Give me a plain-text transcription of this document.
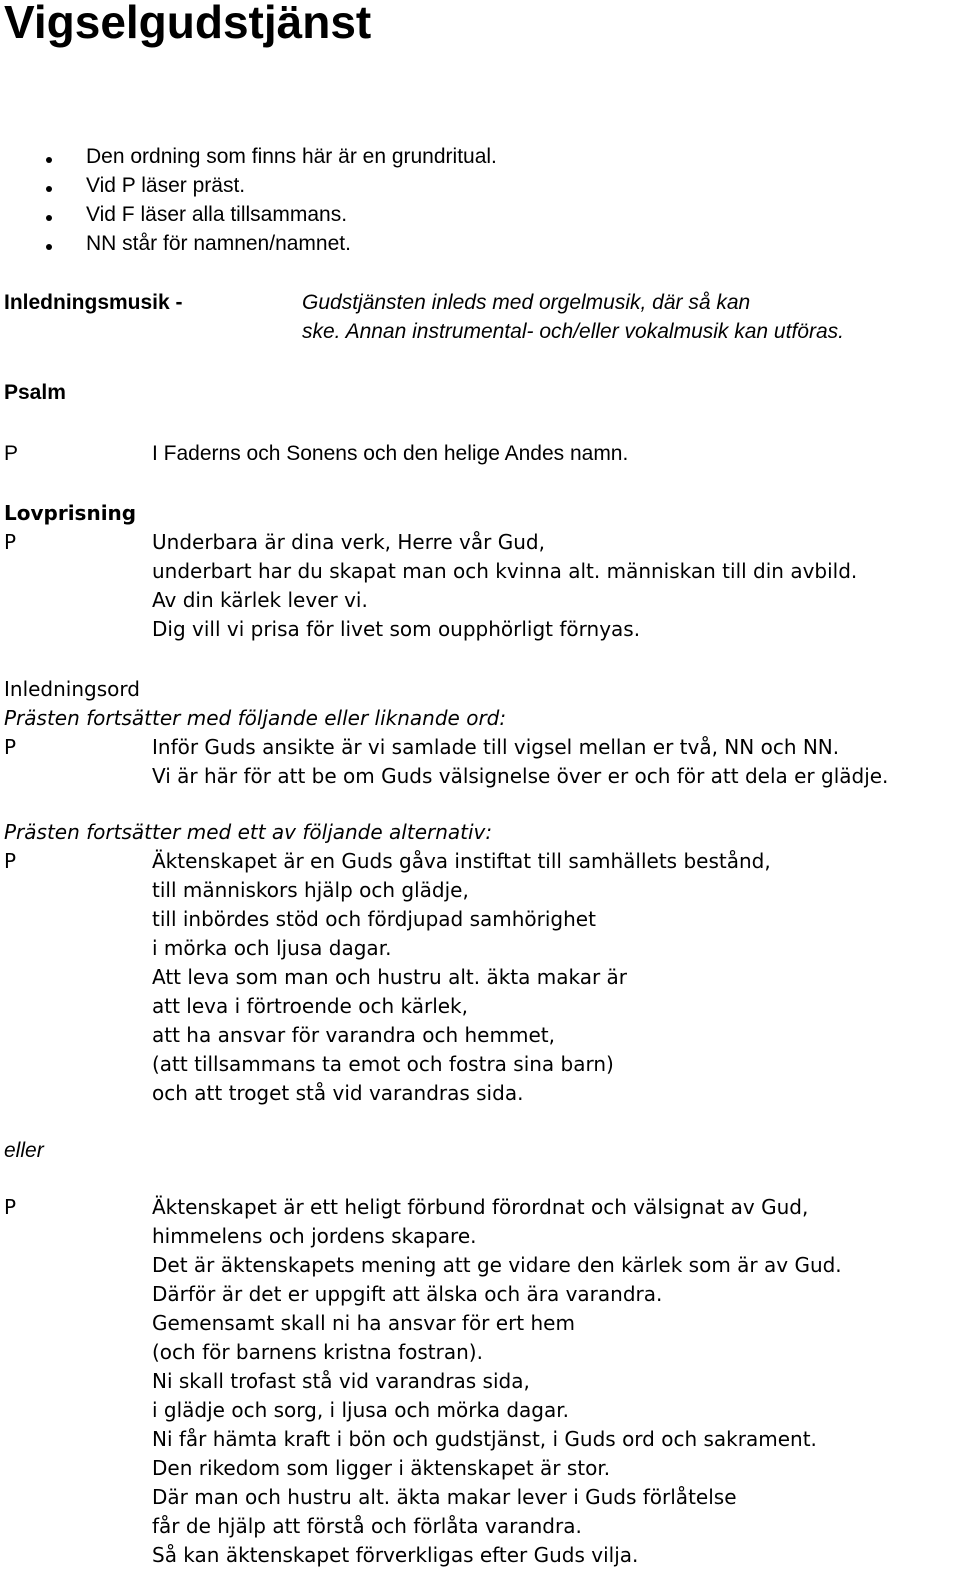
Vigselgudstjänst
Den ordning som finns här är en grundritual.
Vid P läser präst.
Vid F läser alla tillsammans.
NN står för namnen/namnet.
Inledningsmusik -	Gudstjänsten inleds med orgelmusik, där så kan
ske. Annan instrumental- och/eller vokalmusik kan utföras.
Psalm
P	I Faderns och Sonens och den helige Andes namn.
Lovprisning
P	Underbara är dina verk, Herre vår Gud,
underbart har du skapat man och kvinna alt. människan till din avbild.
Av din kärlek lever vi.
Dig vill vi prisa för livet som oupphörligt förnyas.
Inledningsord
Prästen fortsätter med följande eller liknande ord:
P	Inför Guds ansikte är vi samlade till vigsel mellan er två, NN och NN.
Vi är här för att be om Guds välsignelse över er och för att dela er glädje.
Prästen fortsätter med ett av följande alternativ:
P	Äktenskapet är en Guds gåva instiftat till samhällets bestånd,
till människors hjälp och glädje,
till inbördes stöd och fördjupad samhörighet
i mörka och ljusa dagar.
Att leva som man och hustru alt. äkta makar är
att leva i förtroende och kärlek,
att ha ansvar för varandra och hemmet,
(att tillsammans ta emot och fostra sina barn)
och att troget stå vid varandras sida.
eller
P	Äktenskapet är ett heligt förbund förordnat och välsignat av Gud,
himmelens och jordens skapare.
Det är äktenskapets mening att ge vidare den kärlek som är av Gud.
Därför är det er uppgift att älska och ära varandra.
Gemensamt skall ni ha ansvar för ert hem
(och för barnens kristna fostran).
Ni skall trofast stå vid varandras sida,
i glädje och sorg, i ljusa och mörka dagar.
Ni får hämta kraft i bön och gudstjänst, i Guds ord och sakrament.
Den rikedom som ligger i äktenskapet är stor.
Där man och hustru alt. äkta makar lever i Guds förlåtelse
får de hjälp att förstå och förlåta varandra.
Så kan äktenskapet förverkligas efter Guds vilja.
